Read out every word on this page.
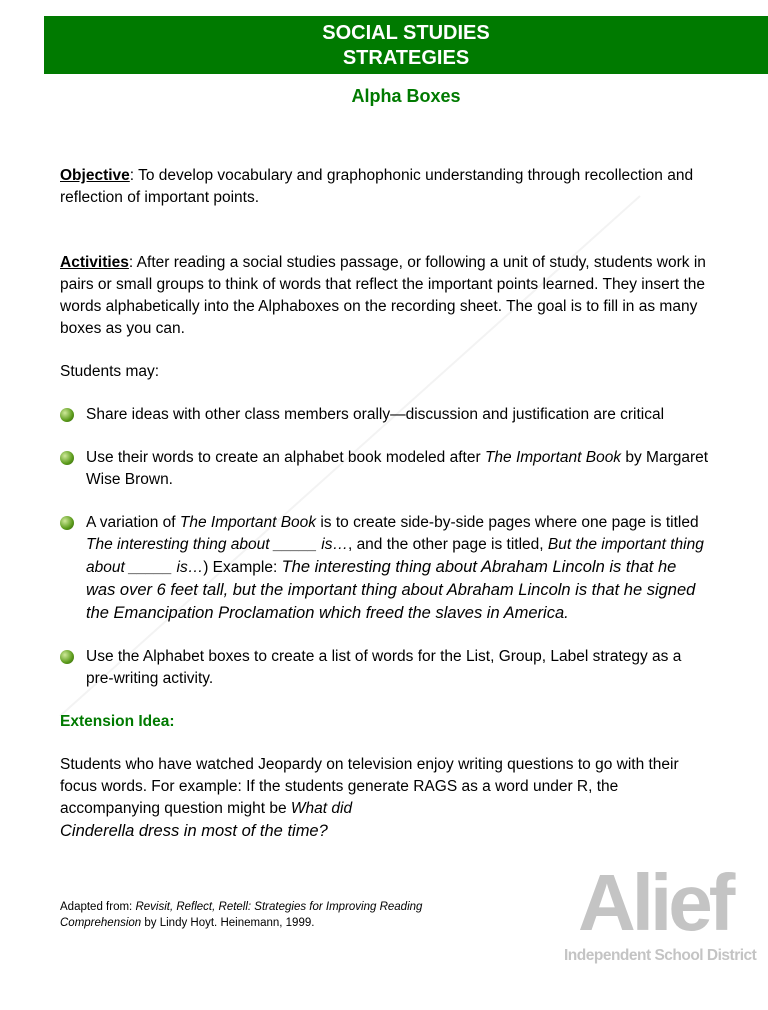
SOCIAL STUDIES
STRATEGIES
Alpha Boxes

Objective: To develop vocabulary and graphophonic understanding through recollection and reflection of important points.

Activities: After reading a social studies passage, or following a unit of study, students work in pairs or small groups to think of words that reflect the important points learned. They insert the words alphabetically into the Alphaboxes on the recording sheet. The goal is to fill in as many boxes as you can.

Students may:

Share ideas with other class members orally—discussion and justification are critical
Use their words to create an alphabet book modeled after The Important Book by Margaret Wise Brown.
A variation of The Important Book is to create side-by-side pages where one page is titled The interesting thing about _____ is…, and the other page is titled, But the important thing about _____ is…) Example: The interesting thing about Abraham Lincoln is that he was over 6 feet tall, but the important thing about Abraham Lincoln is that he signed the Emancipation Proclamation which freed the slaves in America.
Use the Alphabet boxes to create a list of words for the List, Group, Label strategy as a pre-writing activity.

Extension Idea:

Students who have watched Jeopardy on television enjoy writing questions to go with their focus words. For example: If the students generate RAGS as a word under R, the accompanying question might be What did
Cinderella dress in most of the time?

Adapted from: Revisit, Reflect, Retell: Strategies for Improving Reading
Comprehension by Lindy Hoyt. Heinemann, 1999.	Alief
Independent School District
